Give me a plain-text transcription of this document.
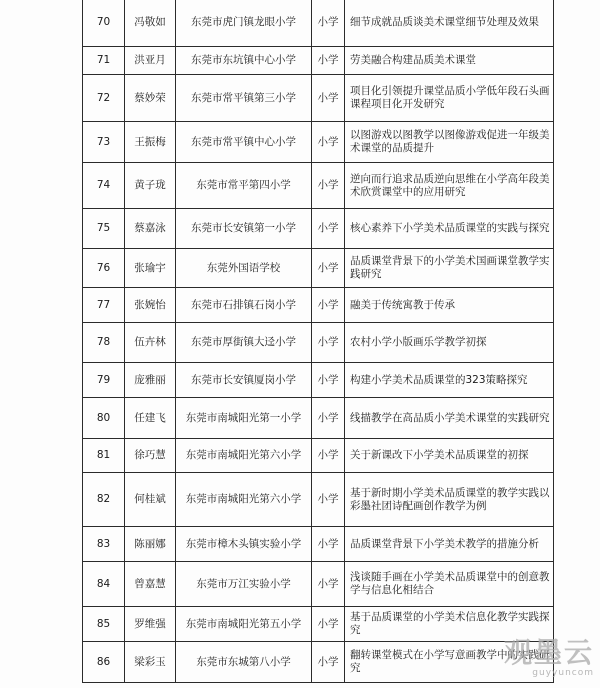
70	冯敬如	东莞市虎门镇龙眼小学	小学	细节成就品质谈美术课堂细节处理及效果
71	洪亚月	东莞市东坑镇中心小学	小学	劳美融合构建品质美术课堂
72	蔡妙荣	东莞市常平镇第三小学	小学	项目化引领提升课堂品质小学低年段石头画课程项目化开发研究
73	王振梅	东莞市常平镇中心小学	小学	以图游戏以图教学以图像游戏促进一年级美术课堂的品质提升
74	黄子珑	东莞市常平第四小学	小学	逆向而行追求品质逆向思维在小学高年段美术欣赏课堂中的应用研究
75	蔡嘉泳	东莞市长安镇第一小学	小学	核心素养下小学美术品质课堂的实践与探究
76	张瑜宇	东莞外国语学校	小学	品质课堂背景下的小学美术国画课堂教学实践研究
77	张婉怡	东莞市石排镇石岗小学	小学	融美于传统寓教于传承
78	伍卉林	东莞市厚街镇大迳小学	小学	农村小学小版画乐学教学初探
79	庞雅丽	东莞市长安镇厦岗小学	小学	构建小学美术品质课堂的323策略探究
80	任建飞	东莞市南城阳光第一小学	小学	线描教学在高品质小学美术课堂的实践研究
81	徐巧慧	东莞市南城阳光第六小学	小学	关于新课改下小学美术品质课堂的初探
82	何桂斌	东莞市南城阳光第六小学	小学	基于新时期小学美术品质课堂的教学实践以彩墨社团诗配画创作教学为例
83	陈丽娜	东莞市樟木头镇实验小学	小学	品质课堂背景下小学美术教学的措施分析
84	曾嘉慧	东莞市万江实验小学	小学	浅谈随手画在小学美术品质课堂中的创意教学与信息化相结合
85	罗维强	东莞市南城阳光第五小学	小学	基于品质课堂的小学美术信息化教学实践探究
86	梁彩玉	东莞市东城第八小学	小学	翻转课堂模式在小学写意画教学中的实践研究	观墨云
guyyuncom
